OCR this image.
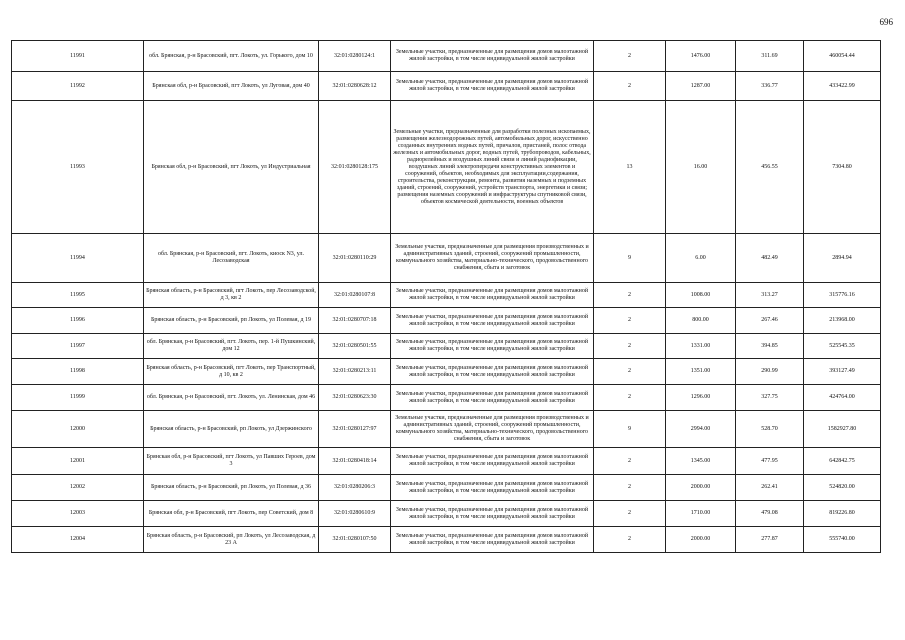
696
11991	обл. Брянская, р-н Брасовский, пгт. Локоть, ул. Горького, дом 10	32:01:0280124:1	Земельные участки, предназначенные для размещения домов малоэтажной жилой застройки, в том числе индивидуальной жилой застройки	2	1476.00	311.69	460054.44
11992	Брянская обл, р-н Брасовский, пгт Локоть, ул Луговая, дом 40	32:01:0280628:12	Земельные участки, предназначенные для размещения домов малоэтажной жилой застройки, в том числе индивидуальной жилой застройки	2	1287.00	336.77	433422.99
11993	Брянская обл, р-н Брасовский, пгт Локоть, ул Индустриальная	32:01:0280128:175	Земельные участки, предназначенные для разработки полезных ископаемых, размещения железнодорожных путей, автомобильных дорог, искусственно созданных внутренних водных путей, причалов, пристаней, полос отвода железных и автомобильных дорог, водных путей, трубопроводов, кабельных, радиорелейных и воздушных линий связи и линий радиофикации, воздушных линий электропередачи конструктивных элементов и сооружений, объектов, необходимых для эксплуатации,содержания, строительства, реконструкции, ремонта, развития наземных и подземных зданий, строений, сооружений, устройств транспорта, энергетики и связи; размещения наземных сооружений и инфраструктуры спутниковой связи, объектов космической деятельности, военных объектов	13	16.00	456.55	7304.80
11994	обл. Брянская, р-н Брасовский, пгт. Локоть, киоск N3, ул. Лесозаводская	32:01:0280110:29	Земельные участки, предназначенные для размещения производственных и административных зданий, строений, сооружений промышленности, коммунального хозяйства, материально-технического, продовольственного снабжения, сбыта и заготовок	9	6.00	482.49	2894.94
11995	Брянская область, р-н Брасовский, пгт Локоть, пер Лесозаводской, д 3, кв 2	32:01:0280107:8	Земельные участки, предназначенные для размещения домов малоэтажной жилой застройки, в том числе индивидуальной жилой застройки	2	1008.00	313.27	315776.16
11996	Брянская область, р-н Брасовский, рп Локоть, ул Полевая, д 19	32:01:0280707:18	Земельные участки, предназначенные для размещения домов малоэтажной жилой застройки, в том числе индивидуальной жилой застройки	2	800.00	267.46	213968.00
11997	обл. Брянская, р-н Брасовский, пгт. Локоть, пер. 1-й Пушкинский, дом 12	32:01:0280501:55	Земельные участки, предназначенные для размещения домов малоэтажной жилой застройки, в том числе индивидуальной жилой застройки	2	1331.00	394.85	525545.35
11998	Брянская область, р-н Брасовский, пгт Локоть, пер Транспортный, д 10, кв 2	32:01:0280213:11	Земельные участки, предназначенные для размещения домов малоэтажной жилой застройки, в том числе индивидуальной жилой застройки	2	1351.00	290.99	393127.49
11999	обл. Брянская, р-н Брасовский, пгт. Локоть, ул. Ленинская, дом 46	32:01:0280623:30	Земельные участки, предназначенные для размещения домов малоэтажной жилой застройки, в том числе индивидуальной жилой застройки	2	1296.00	327.75	424764.00
12000	Брянская область, р-н Брасовский, рп Локоть, ул Дзержинского	32:01:0280127:97	Земельные участки, предназначенные для размещения производственных и административных зданий, строений, сооружений промышленности, коммунального хозяйства, материально-технического, продовольственного снабжения, сбыта и заготовок	9	2994.00	528.70	1582927.80
12001	Брянская обл, р-н Брасовский, пгт Локоть, ул Павшиx Героев, дом 3	32:01:0280418:14	Земельные участки, предназначенные для размещения домов малоэтажной жилой застройки, в том числе индивидуальной жилой застройки	2	1345.00	477.95	642842.75
12002	Брянская область, р-н Брасовский, рп Локоть, ул Полевая, д 36	32:01:0280206:3	Земельные участки, предназначенные для размещения домов малоэтажной жилой застройки, в том числе индивидуальной жилой застройки	2	2000.00	262.41	524820.00
12003	Брянская обл, р-н Брасовский, пгт Локоть, пер Советский, дом 8	32:01:0280610:9	Земельные участки, предназначенные для размещения домов малоэтажной жилой застройки, в том числе индивидуальной жилой застройки	2	1710.00	479.08	819226.80
12004	Брянская область, р-н Брасовский, рп Локоть, ул Лесозаводская, д 23 А	32:01:0280107:50	Земельные участки, предназначенные для размещения домов малоэтажной жилой застройки, в том числе индивидуальной жилой застройки	2	2000.00	277.87	555740.00
